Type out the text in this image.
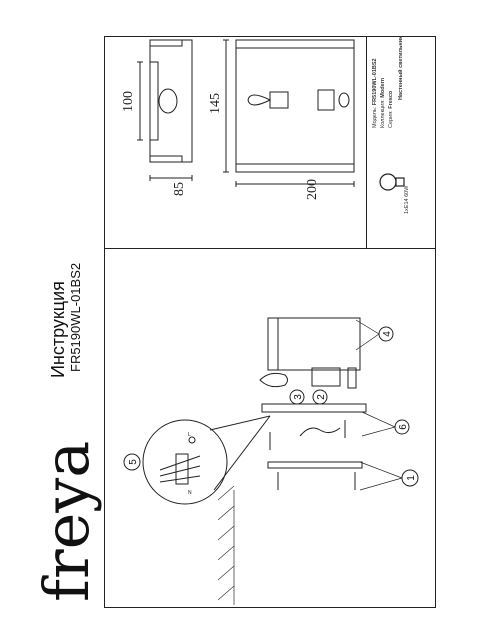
freya
Инструкция FR5190WL-01BS2
L
N
1
2
3
4
5
6
100
85
145
200
Модель: FR5190WL-01BS2
Коллекция: Modern
Серия: Fresco Настенный светильник
1xE14 60W
